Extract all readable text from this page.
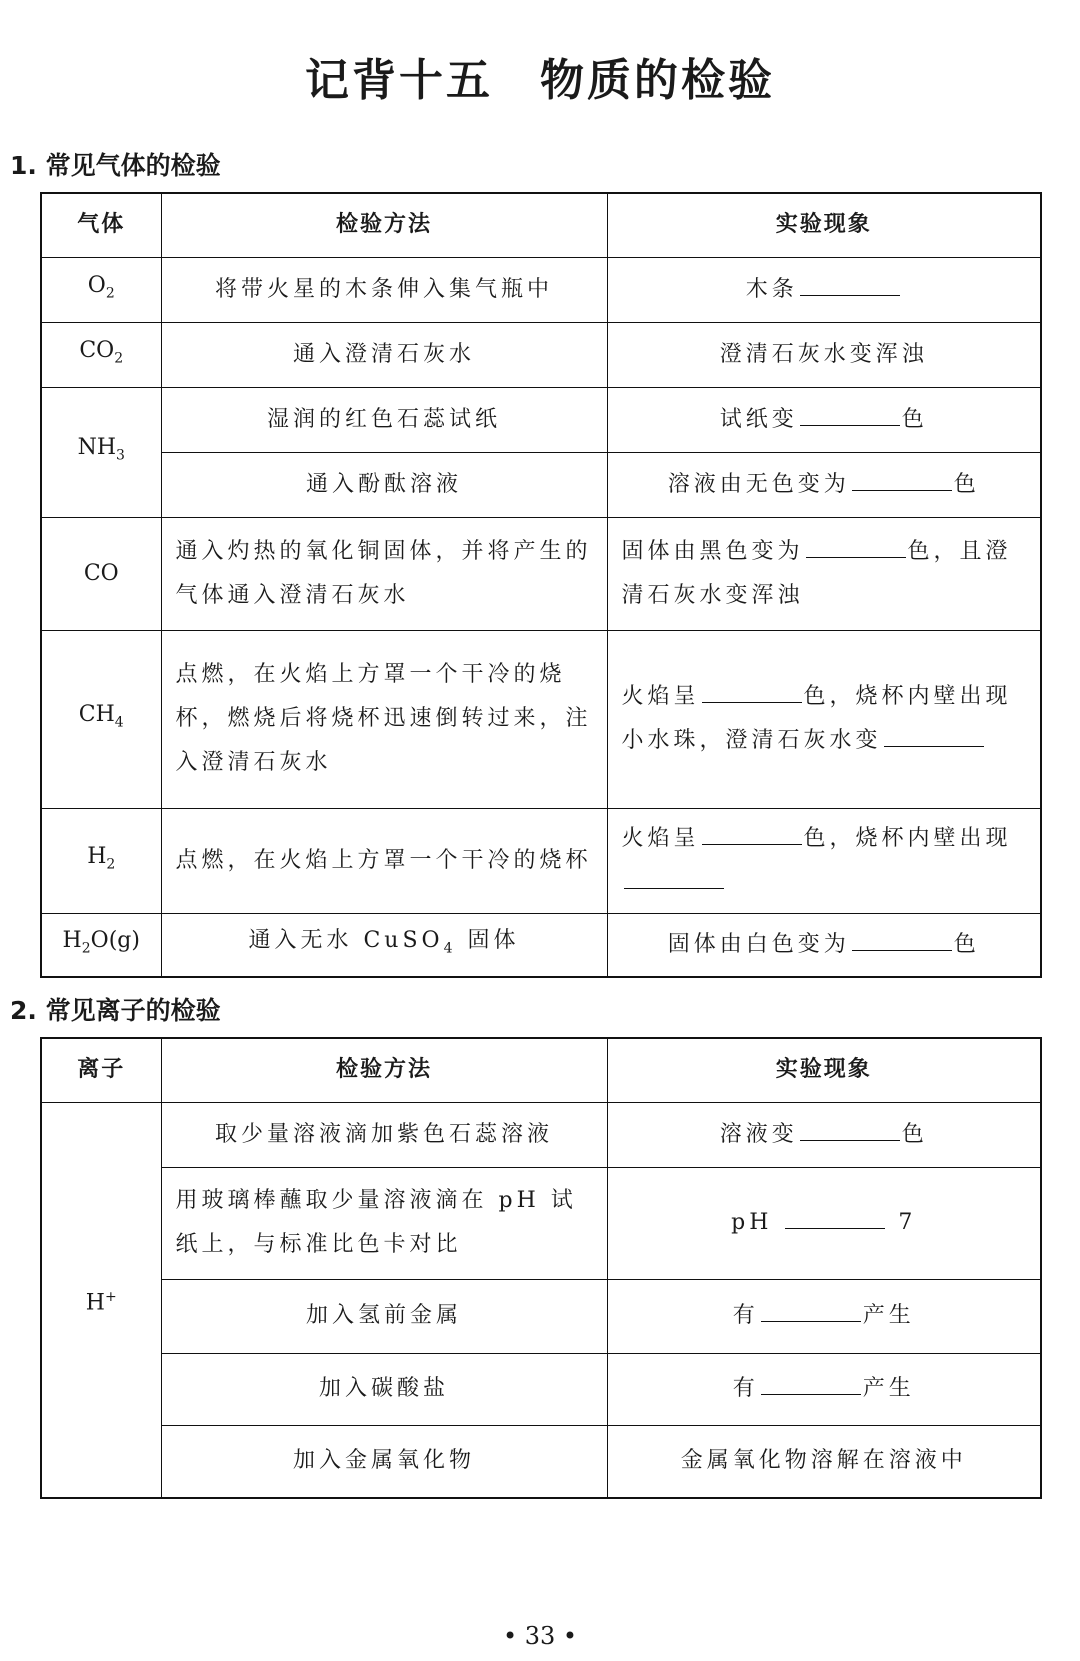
记背十五　物质的检验
1. 常见气体的检验
气体	检验方法	实验现象
$O_2$	将带火星的木条伸入集气瓶中	木条
$CO_2$	通入澄清石灰水	澄清石灰水变浑浊
$NH_3$	湿润的红色石蕊试纸	试纸变 色
	通入酚酞溶液	溶液由无色变为 色
CO	通入灼热的氧化铜固体，并将产生的气体通入澄清石灰水	固体由黑色变为 色，且澄清石灰水变浑浊
$CH_4$	点燃，在火焰上方罩一个干冷的烧杯，燃烧后将烧杯迅速倒转过来，注入澄清石灰水	火焰呈 色，烧杯内壁出现小水珠，澄清石灰水变
$H_2$	点燃，在火焰上方罩一个干冷的烧杯	火焰呈 色，烧杯内壁出现
$H_2O(g)$	通入无水 CuSO$_4$ 固体	固体由白色变为 色
2. 常见离子的检验
离子	检验方法	实验现象
H+	取少量溶液滴加紫色石蕊溶液	溶液变 色
	用玻璃棒蘸取少量溶液滴在 pH 试纸上，与标准比色卡对比	pH 7
	加入氢前金属	有 产生
	加入碳酸盐	有 产生
	加入金属氧化物	金属氧化物溶解在溶液中
• 33 •
